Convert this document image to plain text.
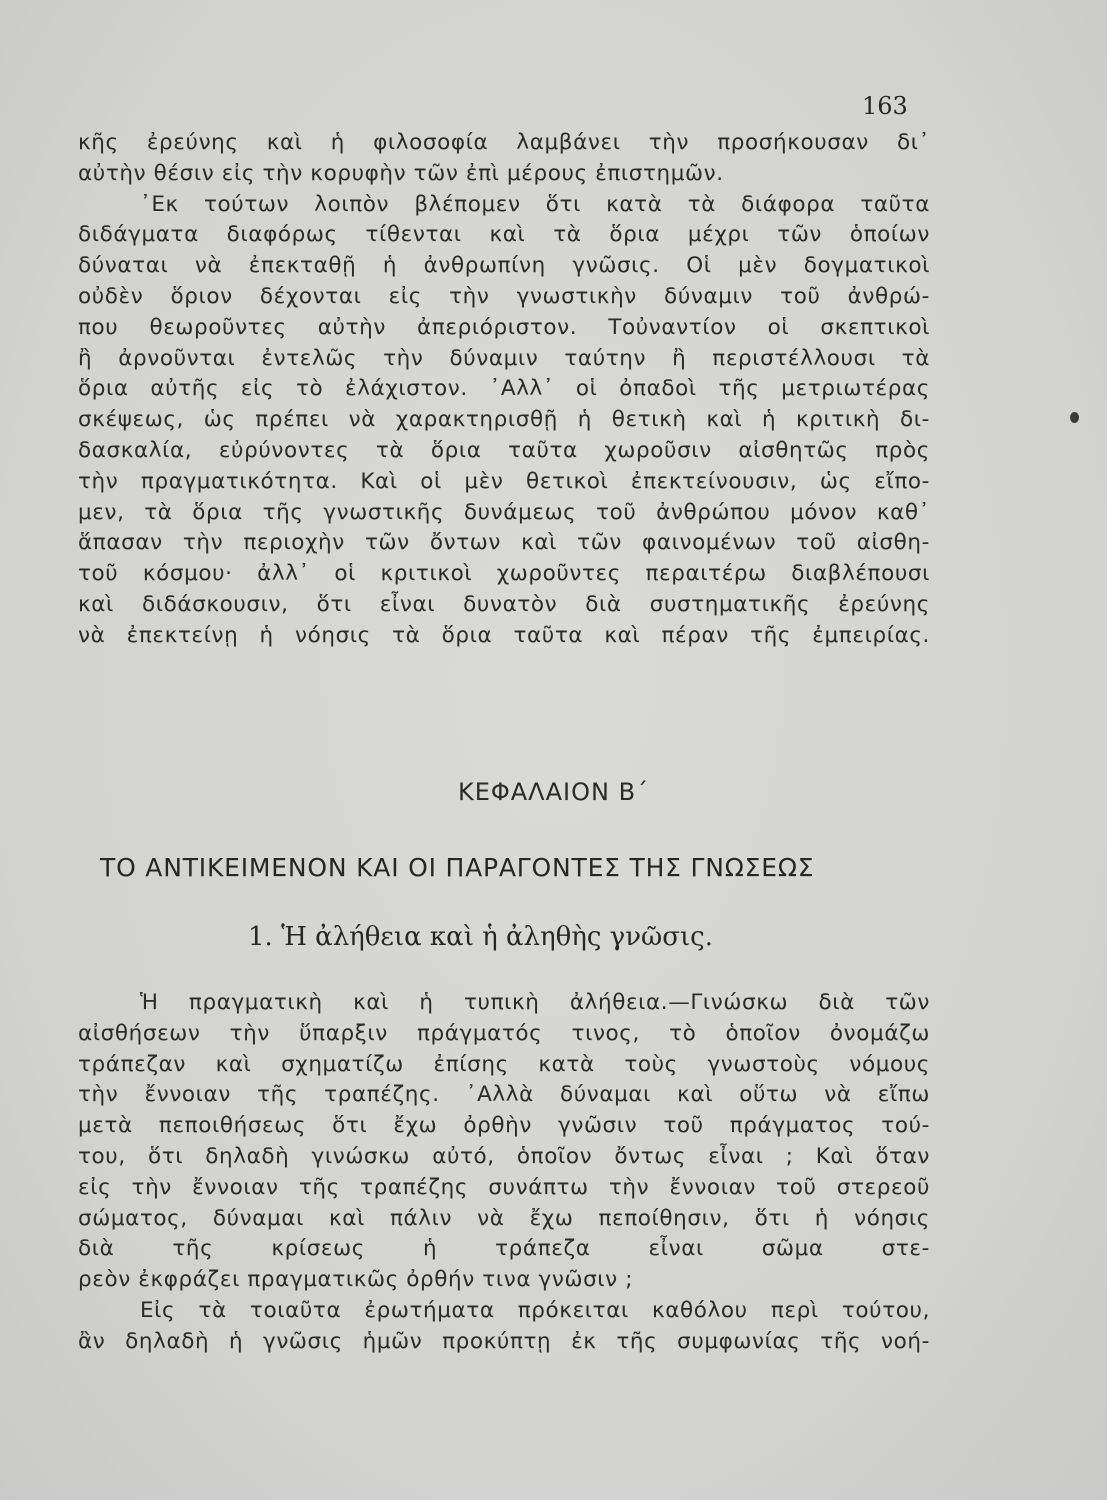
163
κῆς ἐρεύνης καὶ ἡ φιλοσοφία λαμβάνει τὴν προσήκουσαν δι᾽
αὐτὴν θέσιν εἰς τὴν κορυφὴν τῶν ἐπὶ μέρους ἐπιστημῶν.
᾽Εκ τούτων λοιπὸν βλέπομεν ὅτι κατὰ τὰ διάφορα ταῦτα
διδάγματα διαφόρως τίθενται καὶ τὰ ὅρια μέχρι τῶν ὁποίων
δύναται νὰ ἐπεκταθῇ ἡ ἀνθρωπίνη γνῶσις. Οἱ μὲν δογματικοὶ
οὐδὲν ὅριον δέχονται εἰς τὴν γνωστικὴν δύναμιν τοῦ ἀνθρώ-
που θεωροῦντες αὐτὴν ἀπεριόριστον. Τοὐναντίον οἱ σκεπτικοὶ
ἢ ἀρνοῦνται ἐντελῶς τὴν δύναμιν ταύτην ἢ περιστέλλουσι τὰ
ὅρια αὐτῆς εἰς τὸ ἐλάχιστον. ᾽Αλλ᾽ οἱ ὀπαδοὶ τῆς μετριωτέρας
σκέψεως, ὡς πρέπει νὰ χαρακτηρισθῇ ἡ θετικὴ καὶ ἡ κριτικὴ δι-
δασκαλία, εὐρύνοντες τὰ ὅρια ταῦτα χωροῦσιν αἰσθητῶς πρὸς
τὴν πραγματικότητα. Καὶ οἱ μὲν θετικοὶ ἐπεκτείνουσιν, ὡς εἴπο-
μεν, τὰ ὅρια τῆς γνωστικῆς δυνάμεως τοῦ ἀνθρώπου μόνον καθ᾽
ἅπασαν τὴν περιοχὴν τῶν ὄντων καὶ τῶν φαινομένων τοῦ αἰσθη-
τοῦ κόσμου· ἀλλ᾽ οἱ κριτικοὶ χωροῦντες περαιτέρω διαβλέπουσι
καὶ διδάσκουσιν, ὅτι εἶναι δυνατὸν διὰ συστηματικῆς ἐρεύνης
νὰ ἐπεκτείνῃ ἡ νόησις τὰ ὅρια ταῦτα καὶ πέραν τῆς ἐμπειρίας.
ΚΕΦΑΛΑΙΟΝ Β΄
ΤΟ ΑΝΤΙΚΕΙΜΕΝΟΝ ΚΑΙ ΟΙ ΠΑΡΑΓΟΝΤΕΣ ΤΗΣ ΓΝΩΣΕΩΣ
1. Ἡ ἀλήθεια καὶ ἡ ἀληθὴς γνῶσις.
Ἡ πραγματικὴ καὶ ἡ τυπικὴ ἀλήθεια.—Γινώσκω διὰ τῶν
αἰσθήσεων τὴν ὕπαρξιν πράγματός τινος, τὸ ὁποῖον ὀνομάζω
τράπεζαν καὶ σχηματίζω ἐπίσης κατὰ τοὺς γνωστοὺς νόμους
τὴν ἔννοιαν τῆς τραπέζης. ᾽Αλλὰ δύναμαι καὶ οὕτω νὰ εἴπω
μετὰ πεποιθήσεως ὅτι ἔχω ὀρθὴν γνῶσιν τοῦ πράγματος τού-
του, ὅτι δηλαδὴ γινώσκω αὐτό, ὁποῖον ὄντως εἶναι ; Καὶ ὅταν
εἰς τὴν ἔννοιαν τῆς τραπέζης συνάπτω τὴν ἔννοιαν τοῦ στερεοῦ
σώματος, δύναμαι καὶ πάλιν νὰ ἔχω πεποίθησιν, ὅτι ἡ νόησις
διὰ τῆς κρίσεως ἡ τράπεζα εἶναι σῶμα στε-
ρεὸν ἐκφράζει πραγματικῶς ὀρθήν τινα γνῶσιν ;
Εἰς τὰ τοιαῦτα ἐρωτήματα πρόκειται καθόλου περὶ τούτου,
ἂν δηλαδὴ ἡ γνῶσις ἡμῶν προκύπτῃ ἐκ τῆς συμφωνίας τῆς νοή-
